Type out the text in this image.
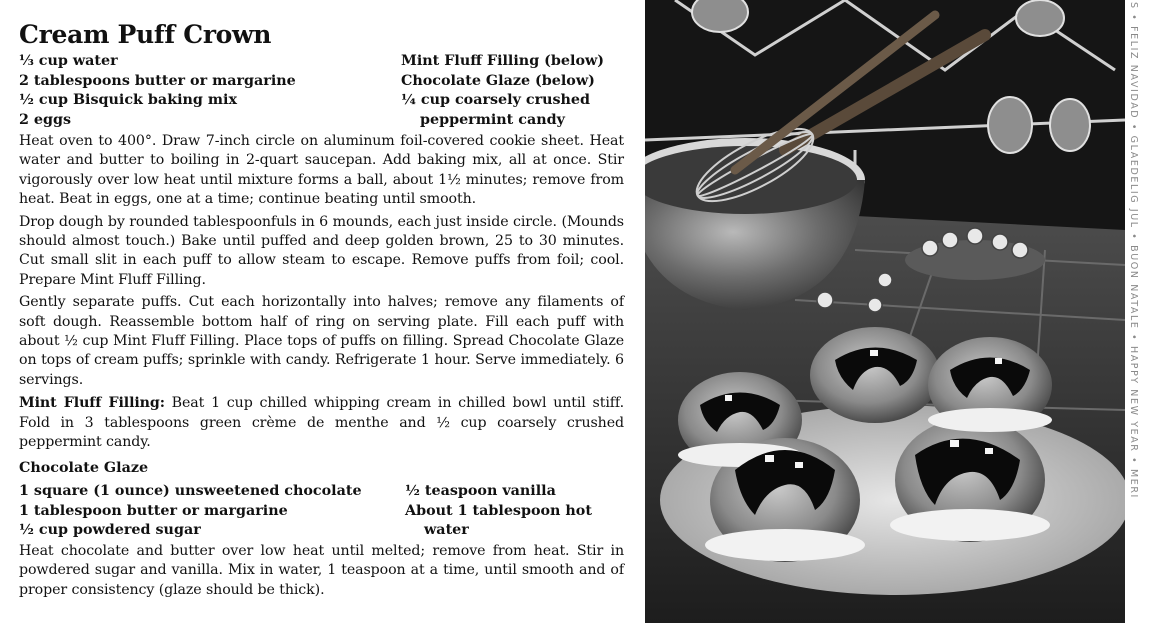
Cream Puff Crown
⅓ cup water
2 tablespoons butter or margarine
½ cup Bisquick baking mix
2 eggs
Mint Fluff Filling (below)
Chocolate Glaze (below)
¼ cup coarsely crushed
peppermint candy

Heat oven to 400°. Draw 7-inch circle on aluminum foil-covered cookie sheet. Heat water and butter to boiling in 2-quart saucepan. Add baking mix, all at once. Stir vigorously over low heat until mixture forms a ball, about 1½ minutes; remove from heat. Beat in eggs, one at a time; continue beating until smooth.

Drop dough by rounded tablespoonfuls in 6 mounds, each just inside circle. (Mounds should almost touch.) Bake until puffed and deep golden brown, 25 to 30 minutes. Cut small slit in each puff to allow steam to escape. Remove puffs from foil; cool. Prepare Mint Fluff Filling.

Gently separate puffs. Cut each horizontally into halves; remove any filaments of soft dough. Reassemble bottom half of ring on serving plate. Fill each puff with about ½ cup Mint Fluff Filling. Place tops of puffs on filling. Spread Chocolate Glaze on tops of cream puffs; sprinkle with candy. Refrigerate 1 hour. Serve immediately. 6 servings.

Mint Fluff Filling: Beat 1 cup chilled whipping cream in chilled bowl until stiff. Fold in 3 tablespoons green crème de menthe and ½ cup coarsely crushed peppermint candy.

Chocolate Glaze

1 square (1 ounce) unsweetened chocolate
1 tablespoon butter or margarine
½ cup powdered sugar
½ teaspoon vanilla
About 1 tablespoon hot
water

Heat chocolate and butter over low heat until melted; remove from heat. Stir in powdered sugar and vanilla. Mix in water, 1 teaspoon at a time, until smooth and of proper consistency (glaze should be thick).

S • FELIZ NAVIDAD • GLAEDELIG JUL • BUON NATALE • HAPPY NEW YEAR • MERI
